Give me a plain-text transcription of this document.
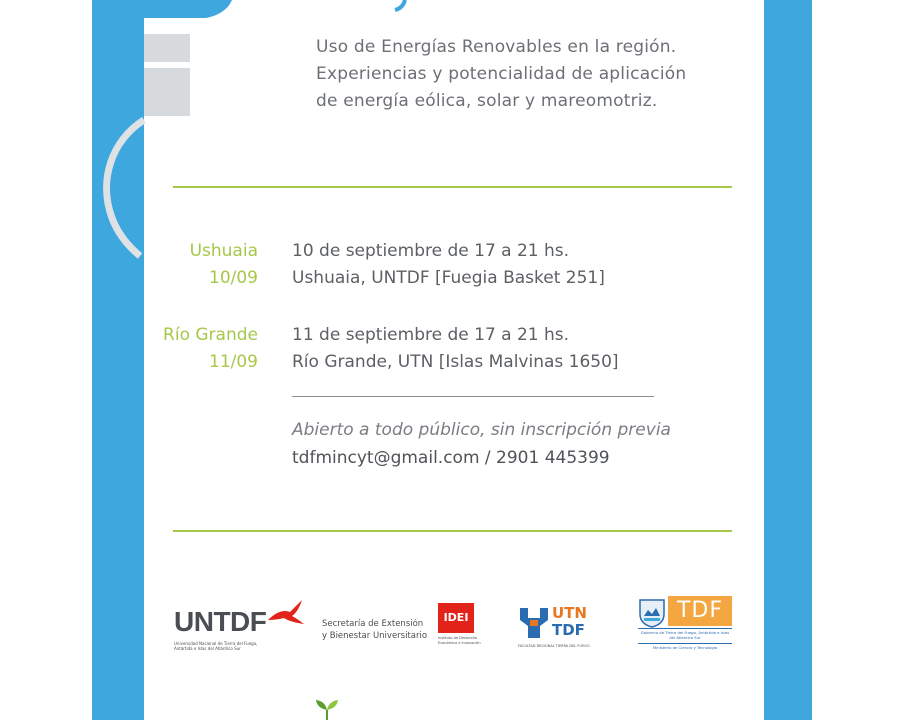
Uso de Energías Renovables en la región.
Experiencias y potencialidad de aplicación
de energía eólica, solar y mareomotriz.
Ushuaia
10/09
10 de septiembre de 17 a 21 hs.
Ushuaia, UNTDF [Fuegia Basket 251]
Río Grande
11/09
11 de septiembre de 17 a 21 hs.
Río Grande, UTN [Islas Malvinas 1650]
Abierto a todo público, sin inscripción previa
tdfmincyt@gmail.com / 2901 445399
UNTDF
Universidad Nacional de Tierra del Fuego,
Antártida e Islas del Atlántico Sur
Secretaría de Extensión
y Bienestar Universitario
IDEI
Instituto de Desarrollo
Económico e Innovación
UTN
TDF
FACULTAD REGIONAL TIERRA DEL FUEGO
TDF
Gobierno de Tierra del Fuego, Antártida e Islas del Atlántico Sur
Ministerio de Ciencia y Tecnología
